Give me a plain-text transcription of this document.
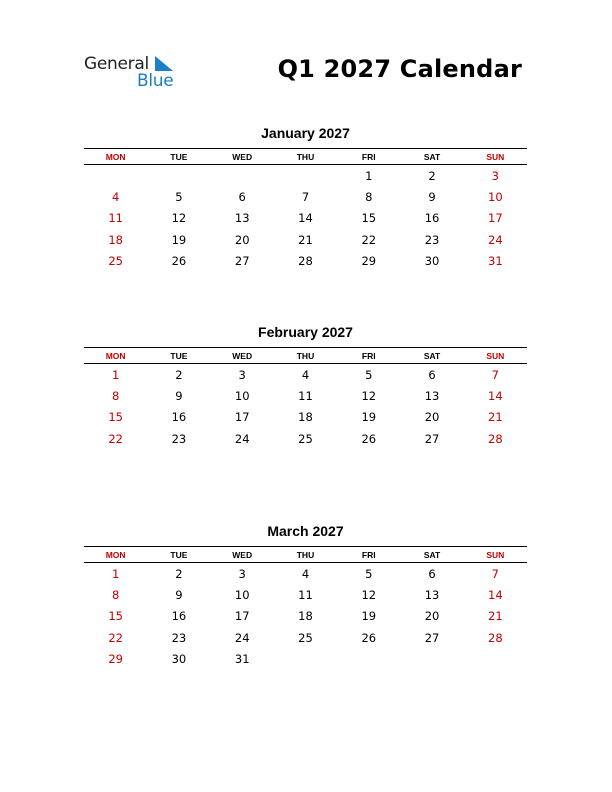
General
Blue	Q1 2027 Calendar
January 2027
MON	TUE	WED	THU	FRI	SAT	SUN
				1	2	3
4	5	6	7	8	9	10
11	12	13	14	15	16	17
18	19	20	21	22	23	24
25	26	27	28	29	30	31
February 2027
MON	TUE	WED	THU	FRI	SAT	SUN
1	2	3	4	5	6	7
8	9	10	11	12	13	14
15	16	17	18	19	20	21
22	23	24	25	26	27	28
March 2027
MON	TUE	WED	THU	FRI	SAT	SUN
1	2	3	4	5	6	7
8	9	10	11	12	13	14
15	16	17	18	19	20	21
22	23	24	25	26	27	28
29	30	31				
